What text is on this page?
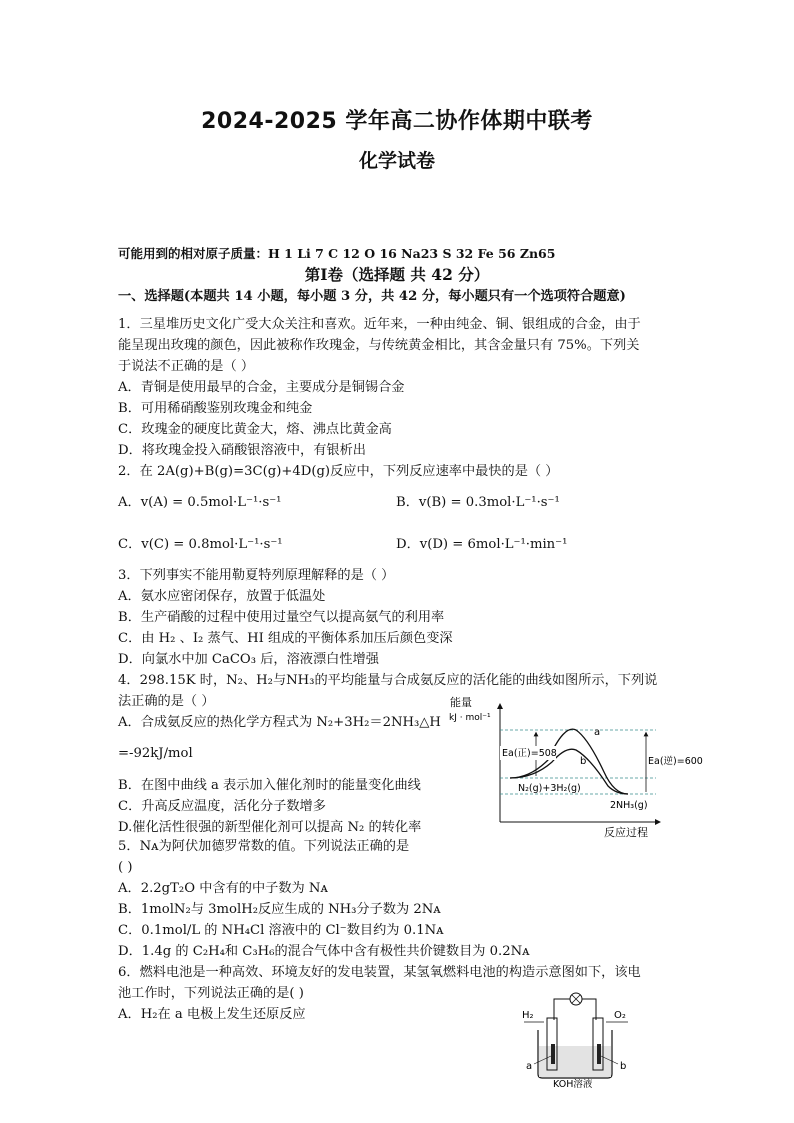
2024-2025 学年高二协作体期中联考
化学试卷
可能用到的相对原子质量：H 1 Li 7 C 12 O 16 Na23 S 32 Fe 56 Zn65
第Ⅰ卷（选择题 共 42 分）
一、选择题(本题共 14 小题，每小题 3 分，共 42 分，每小题只有一个选项符合题意)
1．三星堆历史文化广受大众关注和喜欢。近年来，一种由纯金、铜、银组成的合金，由于
能呈现出玫瑰的颜色，因此被称作玫瑰金，与传统黄金相比，其含金量只有 75%。下列关
于说法不正确的是（ ）
A．青铜是使用最早的合金，主要成分是铜锡合金
B．可用稀硝酸鉴别玫瑰金和纯金
C．玫瑰金的硬度比黄金大，熔、沸点比黄金高
D．将玫瑰金投入硝酸银溶液中，有银析出
2．在 2A(g)+B(g)=3C(g)+4D(g)反应中，下列反应速率中最快的是（ ）
A．v(A) = 0.5mol·L⁻¹·s⁻¹	B．v(B) = 0.3mol·L⁻¹·s⁻¹
C．v(C) = 0.8mol·L⁻¹·s⁻¹	D．v(D) = 6mol·L⁻¹·min⁻¹
3．下列事实不能用勒夏特列原理解释的是（ ）
A．氨水应密闭保存，放置于低温处
B．生产硝酸的过程中使用过量空气以提高氨气的利用率
C．由 H₂ 、I₂ 蒸气、HI 组成的平衡体系加压后颜色变深
D．向氯水中加 CaCO₃ 后，溶液漂白性增强
4．298.15K 时，N₂、H₂与NH₃的平均能量与合成氨反应的活化能的曲线如图所示，下列说
法正确的是（ ）
A．合成氨反应的热化学方程式为 N₂+3H₂＝2NH₃△H
=-92kJ/mol
B．在图中曲线 a 表示加入催化剂时的能量变化曲线
C．升高反应温度，活化分子数增多
D.催化活性很强的新型催化剂可以提高 N₂ 的转化率
能量
kJ · mol⁻¹
a
b
Ea(正)=508
Ea(逆)=600
N₂(g)+3H₂(g)
2NH₃(g)
反应过程
5．Nᴀ为阿伏加德罗常数的值。下列说法正确的是
( )
A．2.2gT₂O 中含有的中子数为 Nᴀ
B．1molN₂与 3molH₂反应生成的 NH₃分子数为 2Nᴀ
C．0.1mol/L 的 NH₄Cl 溶液中的 Cl⁻数目约为 0.1Nᴀ
D．1.4g 的 C₂H₄和 C₃H₆的混合气体中含有极性共价键数目为 0.2Nᴀ
6．燃料电池是一种高效、环境友好的发电装置，某氢氧燃料电池的构造示意图如下，该电
池工作时，下列说法正确的是( )
A．H₂在 a 电极上发生还原反应	H₂	O₂
a	b
KOH溶液
